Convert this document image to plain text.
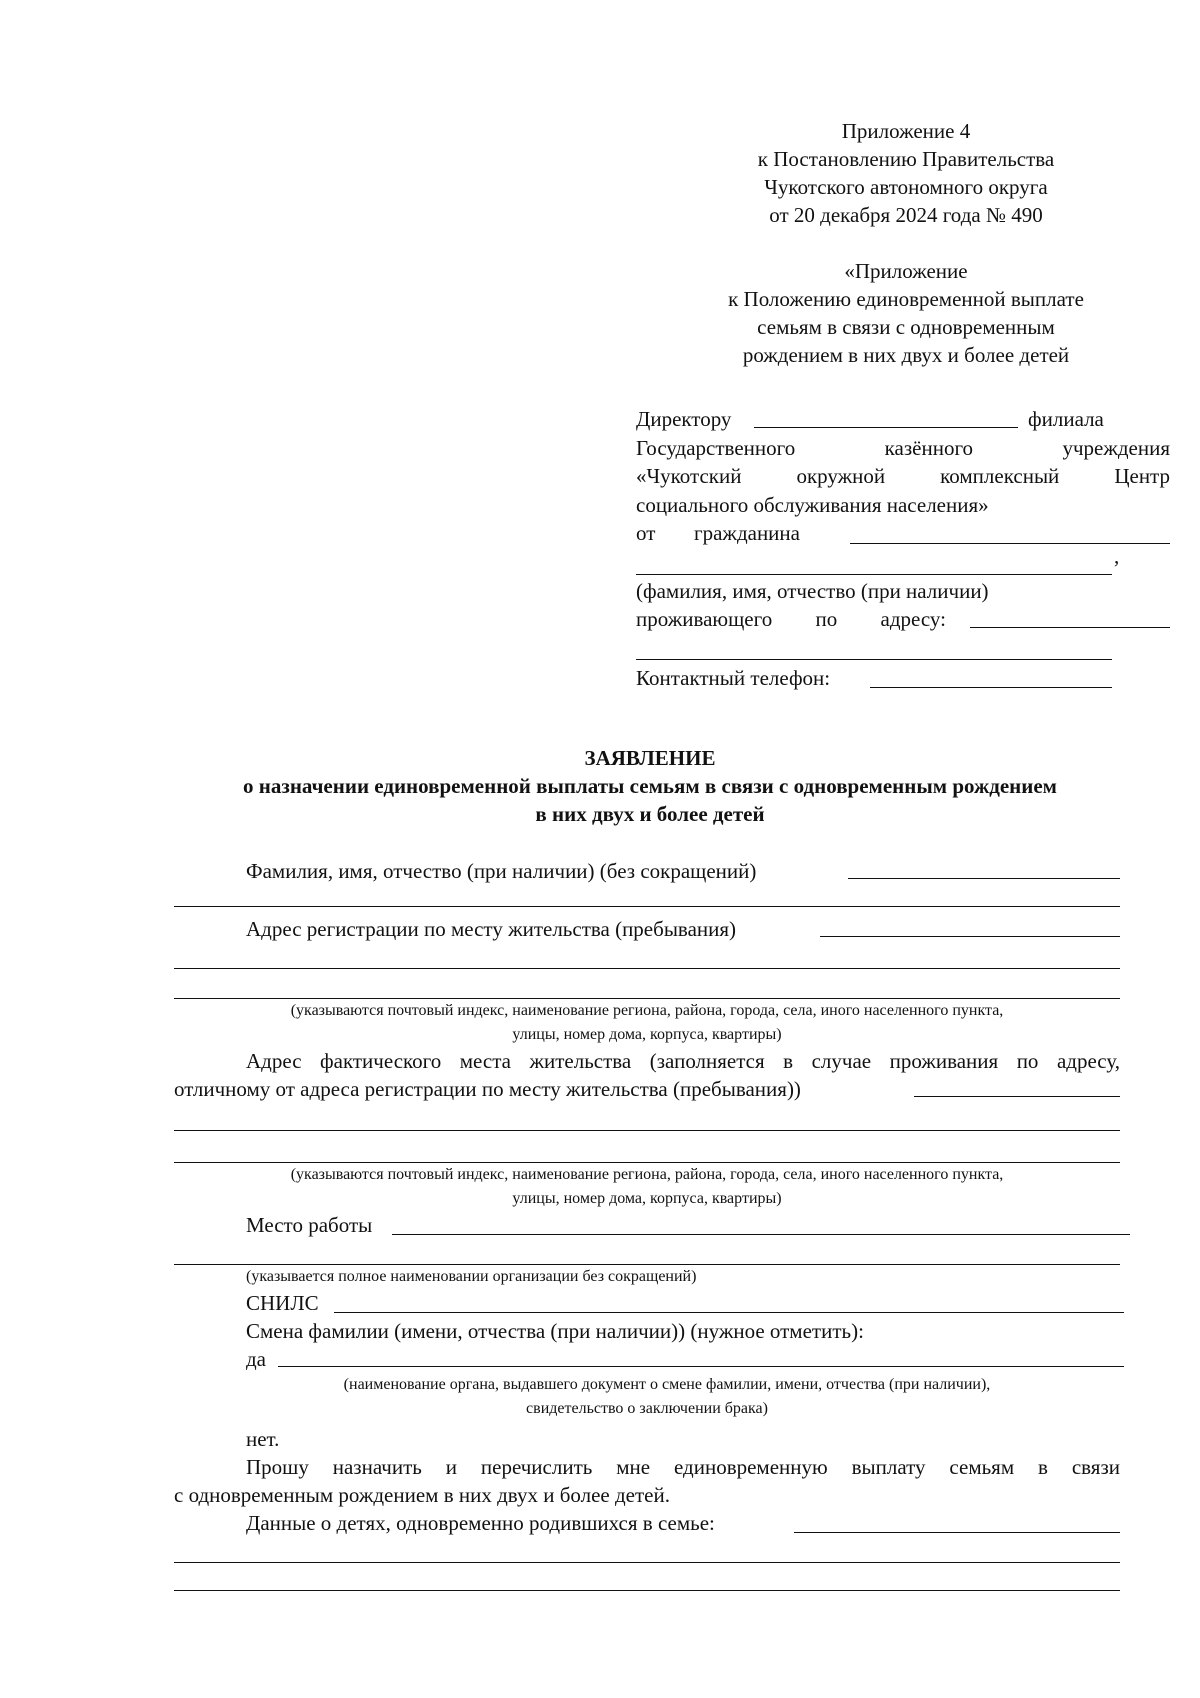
Приложение 4
к Постановлению Правительства
Чукотского автономного округа
от 20 декабря 2024 года № 490
«Приложение
к Положению единовременной выплате
семьям в связи с одновременным
рождением в них двух и более детей
Директору	филиала
Государственного казённого учреждения
«Чукотский окружной комплексный Центр
социального обслуживания населения»
от гражданина
,
(фамилия, имя, отчество (при наличии)
проживающего по адресу:
Контактный телефон:
ЗАЯВЛЕНИЕ
о назначении единовременной выплаты семьям в связи с одновременным рождением
в них двух и более детей
Фамилия, имя, отчество (при наличии) (без сокращений)
Адрес регистрации по месту жительства (пребывания)
(указываются почтовый индекс, наименование региона, района, города, села, иного населенного пункта,
улицы, номер дома, корпуса, квартиры)
Адрес фактического места жительства (заполняется в случае проживания по адресу,
отличному от адреса регистрации по месту жительства (пребывания))
(указываются почтовый индекс, наименование региона, района, города, села, иного населенного пункта,
улицы, номер дома, корпуса, квартиры)
Место работы
(указывается полное наименовании организации без сокращений)
СНИЛС
Смена фамилии (имени, отчества (при наличии)) (нужное отметить):
да
(наименование органа, выдавшего документ о смене фамилии, имени, отчества (при наличии),
свидетельство о заключении брака)
нет.
Прошу назначить и перечислить мне единовременную выплату семьям в связи
с одновременным рождением в них двух и более детей.
Данные о детях, одновременно родившихся в семье:
